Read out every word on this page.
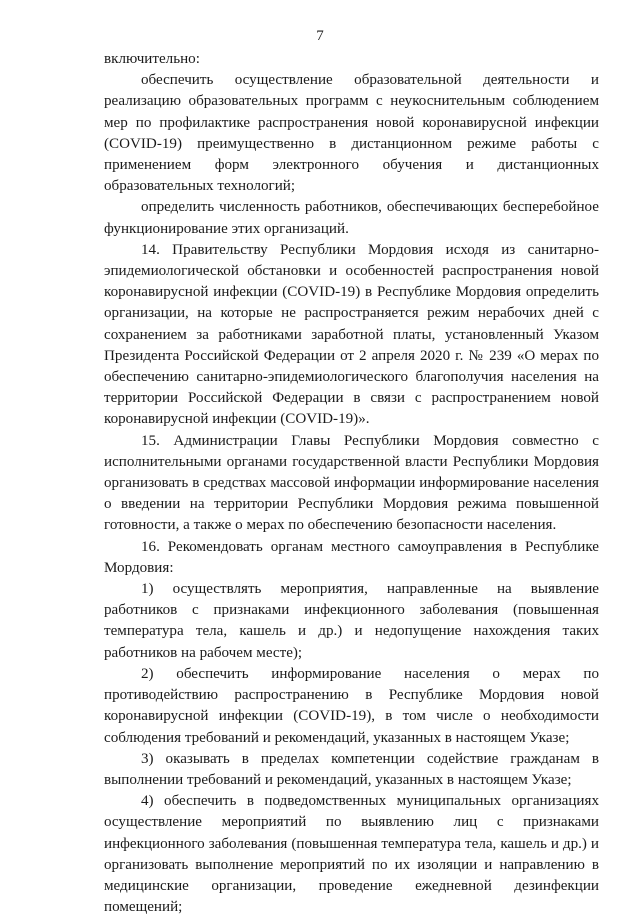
7

включительно:

обеспечить осуществление образовательной деятельности и реализацию образовательных программ с неукоснительным соблюдением мер по профилактике распространения новой коронавирусной инфекции (COVID-19) преимущественно в дистанционном режиме работы с применением форм электронного обучения и дистанционных образовательных технологий;

определить численность работников, обеспечивающих бесперебойное функционирование этих организаций.

14. Правительству Республики Мордовия исходя из санитарно-эпидемиологической обстановки и особенностей распространения новой коронавирусной инфекции (COVID-19) в Республике Мордовия определить организации, на которые не распространяется режим нерабочих дней с сохранением за работниками заработной платы, установленный Указом Президента Российской Федерации от 2 апреля 2020 г. № 239 «О мерах по обеспечению санитарно-эпидемиологического благополучия населения на территории Российской Федерации в связи с распространением новой коронавирусной инфекции (COVID-19)».

15. Администрации Главы Республики Мордовия совместно с исполнительными органами государственной власти Республики Мордовия организовать в средствах массовой информации информирование населения о введении на территории Республики Мордовия режима повышенной готовности, а также о мерах по обеспечению безопасности населения.

16. Рекомендовать органам местного самоуправления в Республике Мордовия:

1) осуществлять мероприятия, направленные на выявление работников с признаками инфекционного заболевания (повышенная температура тела, кашель и др.) и недопущение нахождения таких работников на рабочем месте);

2) обеспечить информирование населения о мерах по противодействию распространению в Республике Мордовия новой коронавирусной инфекции (COVID-19), в том числе о необходимости соблюдения требований и рекомендаций, указанных в настоящем Указе;

3) оказывать в пределах компетенции содействие гражданам в выполнении требований и рекомендаций, указанных в настоящем Указе;

4) обеспечить в подведомственных муниципальных организациях осуществление мероприятий по выявлению лиц с признаками инфекционного заболевания (повышенная температура тела, кашель и др.) и организовать выполнение мероприятий по их изоляции и направлению в медицинские организации, проведение ежедневной дезинфекции помещений;
